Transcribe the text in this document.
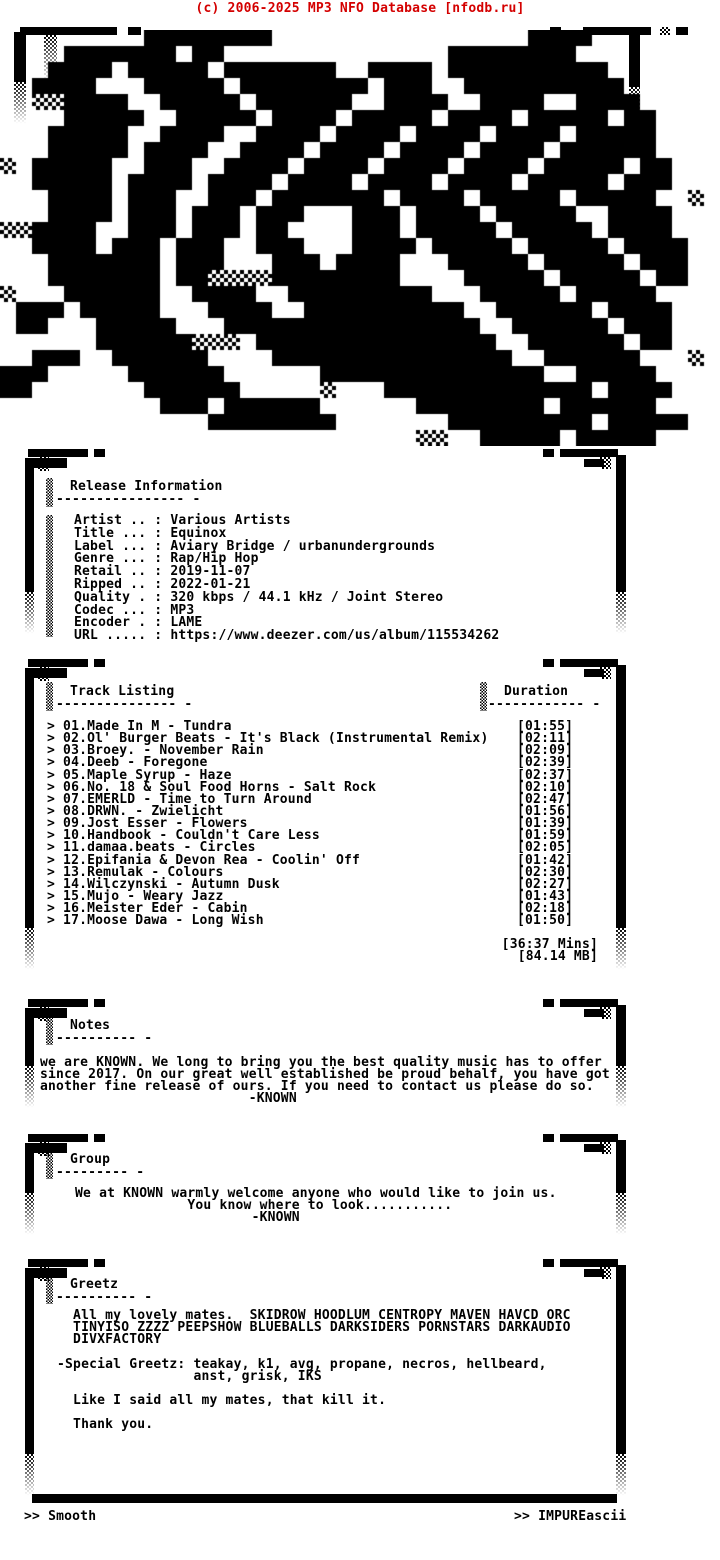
(c) 2006-2025 MP3 NFO Database [nfodb.ru]
sM
Release Information
---------------- -
Artist .. : Various Artists
Title ... : Equinox
Label ... : Aviary Bridge / urbanundergrounds
Genre ... : Rap/Hip Hop
Retail .. : 2019-11-07
Ripped .. : 2022-01-21
Quality . : 320 kbps / 44.1 kHz / Joint Stereo
Codec ... : MP3
Encoder . : LAME
URL ..... : https://www.deezer.com/us/album/115534262
Track Listing
--------------- -
Duration
------------ -
> 01.Made In M - Tundra	[01:55]
> 02.Ol' Burger Beats - It's Black (Instrumental Remix) [02:11]
> 03.Broey. - November Rain	[02:09]
> 04.Deeb - Foregone	[02:39]
> 05.Maple Syrup - Haze	[02:37]
> 06.No. 18 & Soul Food Horns - Salt Rock	[02:10]
> 07.EMERLD - Time to Turn Around	[02:47]
> 08.DRWN. - Zwielicht	[01:56]
> 09.Jost Esser - Flowers	[01:39]
> 10.Handbook - Couldn't Care Less	[01:59]
> 11.damaa.beats - Circles	[02:05]
> 12.Epifania & Devon Rea - Coolin' Off	[01:42]
> 13.Remulak - Colours	[02:30]
> 14.Wilczynski - Autumn Dusk	[02:27]
> 15.Mujo - Weary Jazz	[01:43]
> 16.Meister Eder - Cabin	[02:18]
> 17.Moose Dawa - Long Wish	[01:50]
[36:37 Mins]
[84.14 MB]
Notes
---------- -
we are KNOWN. We long to bring you the best quality music has to offer
since 2017. On our great well established be proud behalf, you have got
another fine release of ours. If you need to contact us please do so.
-KNOWN
Group
--------- -
We at KNOWN warmly welcome anyone who would like to join us.
You know where to look...........
-KNOWN
Greetz
---------- -
All my lovely mates.  SKIDROW HOODLUM CENTROPY MAVEN HAVCD ORC
TINYISO ZZZZ PEEPSHOW BLUEBALLS DARKSIDERS PORNSTARS DARKAUDIO
DIVXFACTORY

-Special Greetz: teakay, k1, avg, propane, necros, hellbeard,
anst, grisk, IKS

Like I said all my mates, that kill it.

Thank you.
>> Smooth	>> IMPUREascii
